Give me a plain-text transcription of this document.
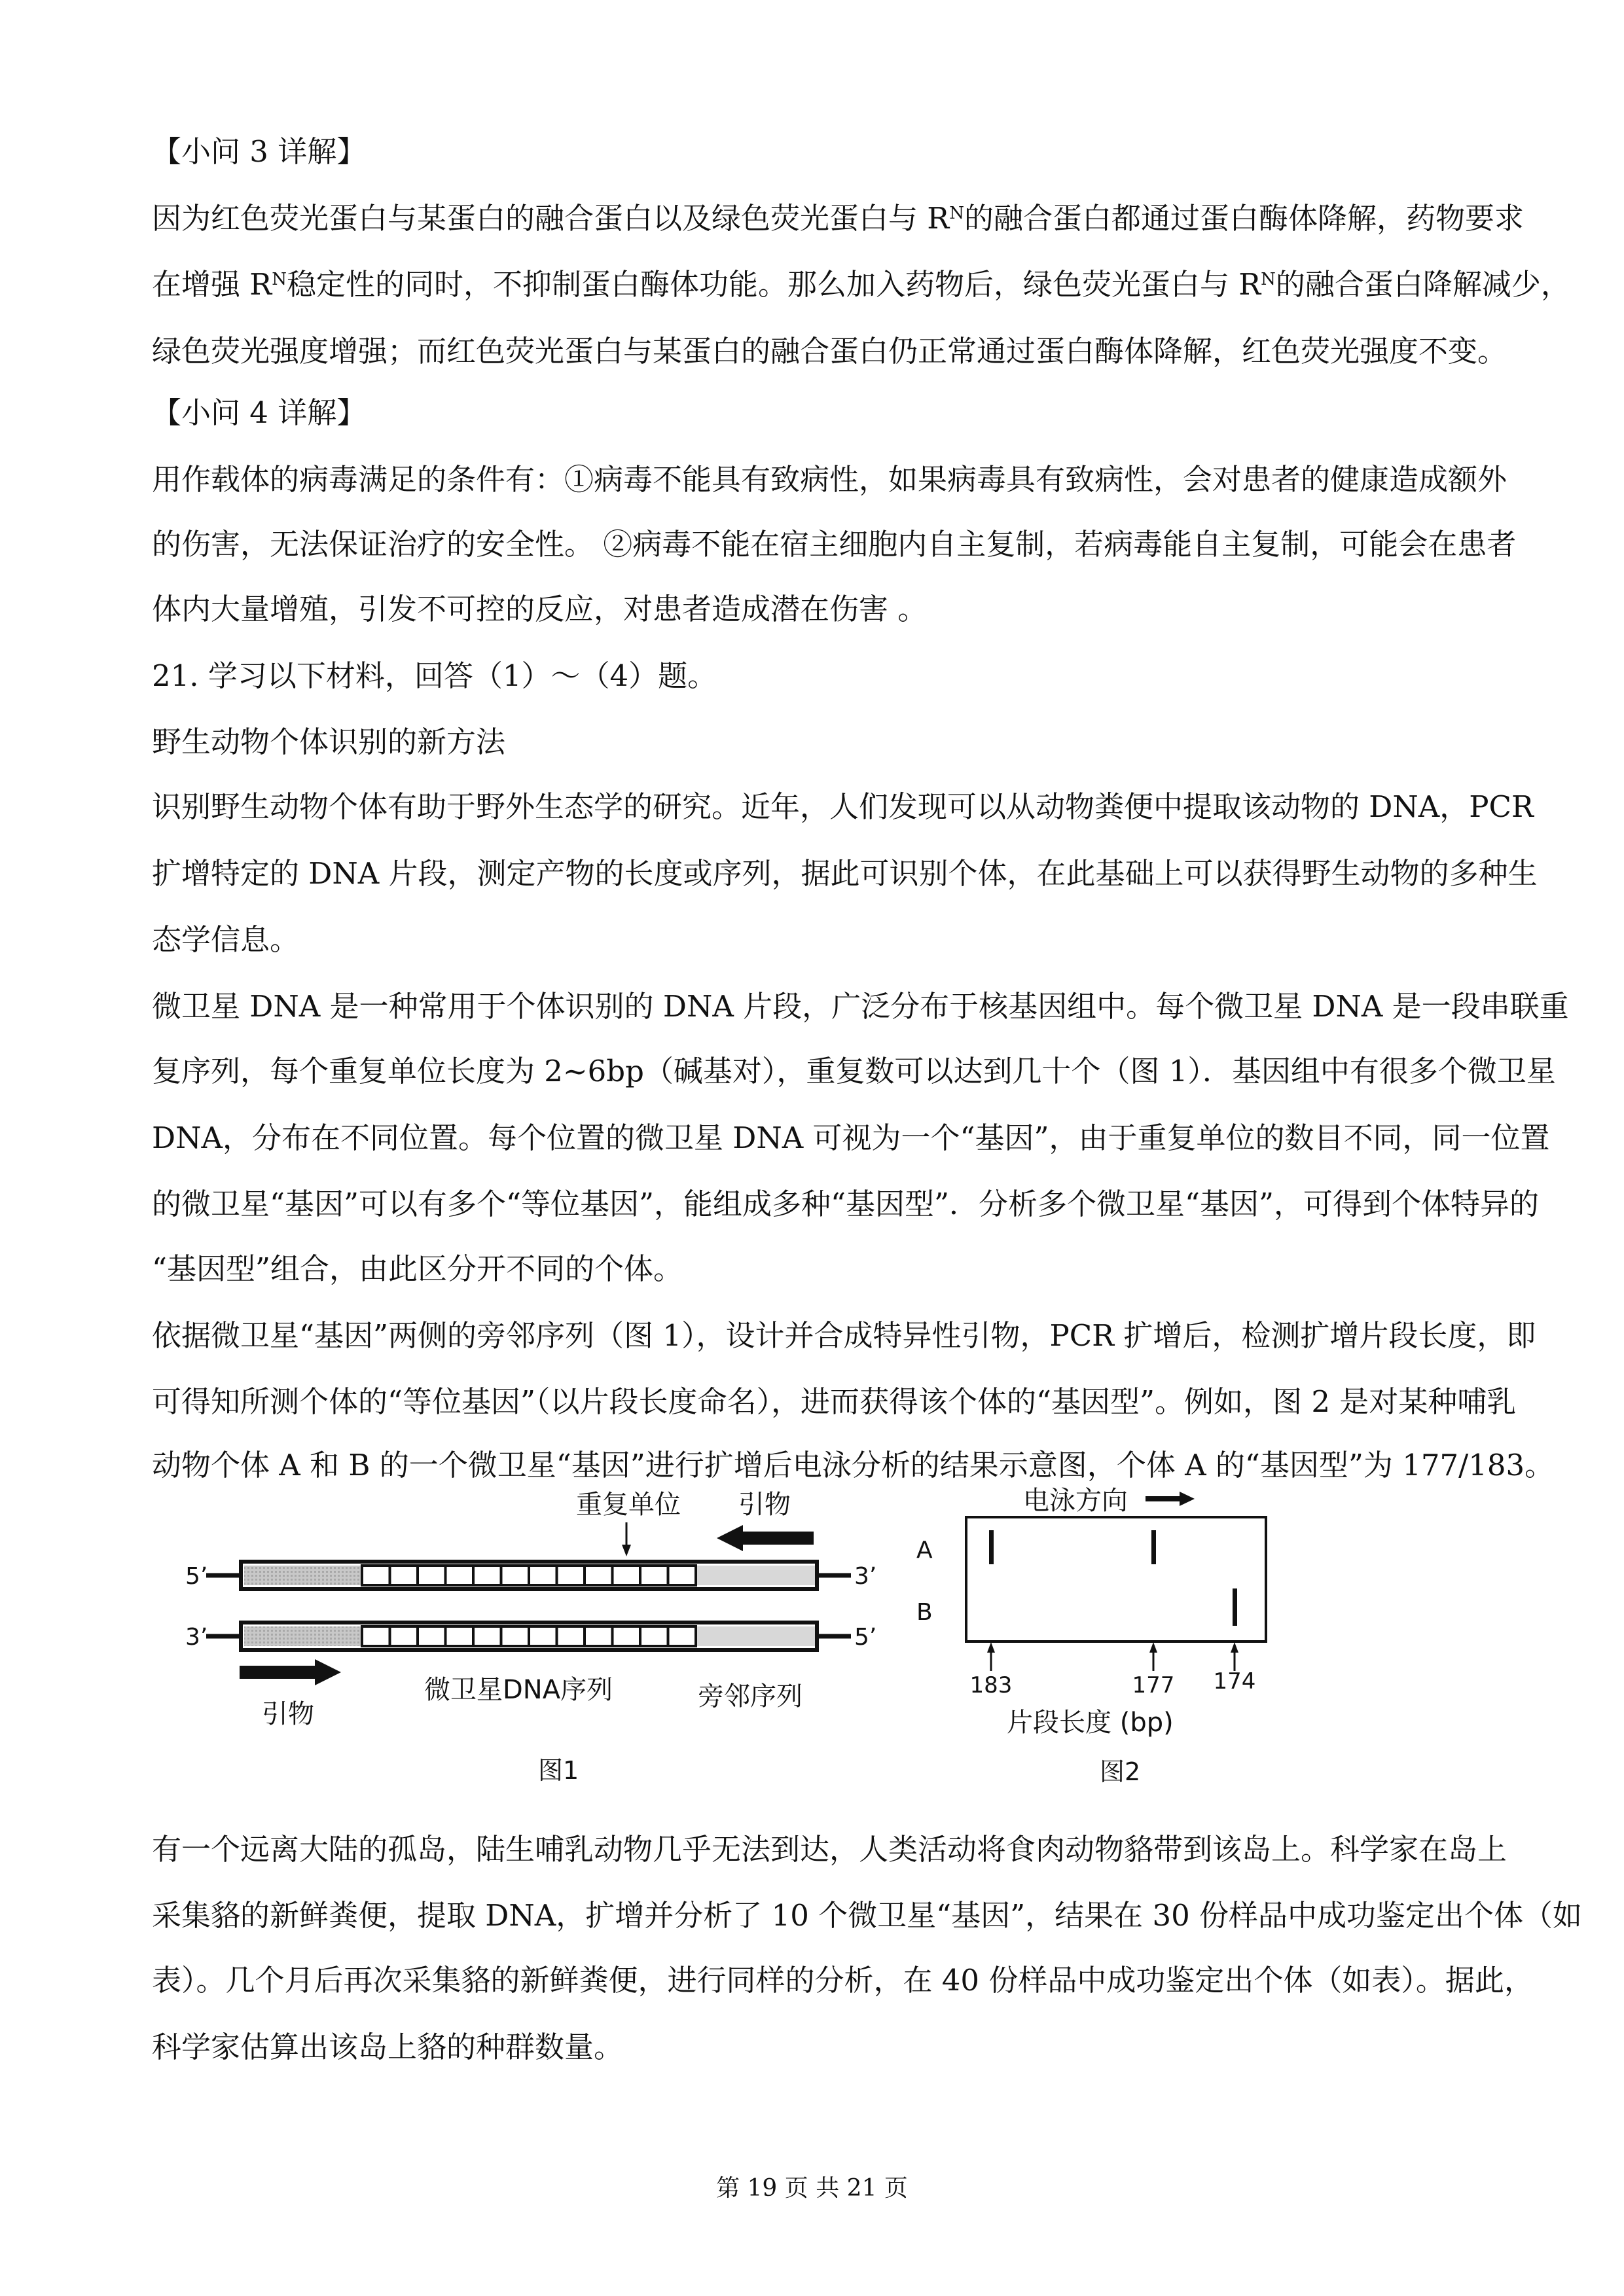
【小问 3 详解】
因为红色荧光蛋白与某蛋白的融合蛋白以及绿色荧光蛋白与 $R^N$的融合蛋白都通过蛋白酶体降解，药物要求
在增强 $R^N$稳定性的同时，不抑制蛋白酶体功能。那么加入药物后，绿色荧光蛋白与 $R^N$的融合蛋白降解减少，
绿色荧光强度增强；而红色荧光蛋白与某蛋白的融合蛋白仍正常通过蛋白酶体降解，红色荧光强度不变。
【小问 4 详解】
用作载体的病毒满足的条件有：①病毒不能具有致病性，如果病毒具有致病性，会对患者的健康造成额外
的伤害，无法保证治疗的安全性。 ②病毒不能在宿主细胞内自主复制，若病毒能自主复制，可能会在患者
体内大量增殖，引发不可控的反应，对患者造成潜在伤害 。
21. 学习以下材料，回答（1）～（4）题。
野生动物个体识别的新方法
识别野生动物个体有助于野外生态学的研究。近年，人们发现可以从动物粪便中提取该动物的 DNA，PCR
扩增特定的 DNA 片段，测定产物的长度或序列，据此可识别个体，在此基础上可以获得野生动物的多种生
态学信息。
微卫星 DNA 是一种常用于个体识别的 DNA 片段，广泛分布于核基因组中。每个微卫星 DNA 是一段串联重
复序列，每个重复单位长度为 2~6bp（碱基对），重复数可以达到几十个（图 1）．基因组中有很多个微卫星
DNA，分布在不同位置。每个位置的微卫星 DNA 可视为一个“基因”，由于重复单位的数目不同，同一位置
的微卫星“基因”可以有多个“等位基因”，能组成多种“基因型”．分析多个微卫星“基因”，可得到个体特异的
“基因型”组合，由此区分开不同的个体。
依据微卫星“基因”两侧的旁邻序列（图 1），设计并合成特异性引物，PCR 扩增后，检测扩增片段长度，即
可得知所测个体的“等位基因”（以片段长度命名），进而获得该个体的“基因型”。例如，图 2 是对某种哺乳
动物个体 A 和 B 的一个微卫星“基因”进行扩增后电泳分析的结果示意图，个体 A 的“基因型”为 177/183。
5’	3’
3’	5’
重复单位 引物
引物
微卫星DNA序列	旁邻序列
图1
电泳方向
A
B
183	177 174
片段长度 (bp)
图2
有一个远离大陆的孤岛，陆生哺乳动物几乎无法到达，人类活动将食肉动物貉带到该岛上。科学家在岛上
采集貉的新鲜粪便，提取 DNA，扩增并分析了 10 个微卫星“基因”，结果在 30 份样品中成功鉴定出个体（如
表）。几个月后再次采集貉的新鲜粪便，进行同样的分析，在 40 份样品中成功鉴定出个体（如表）。据此，
科学家估算出该岛上貉的种群数量。
第 19 页 共 21 页
